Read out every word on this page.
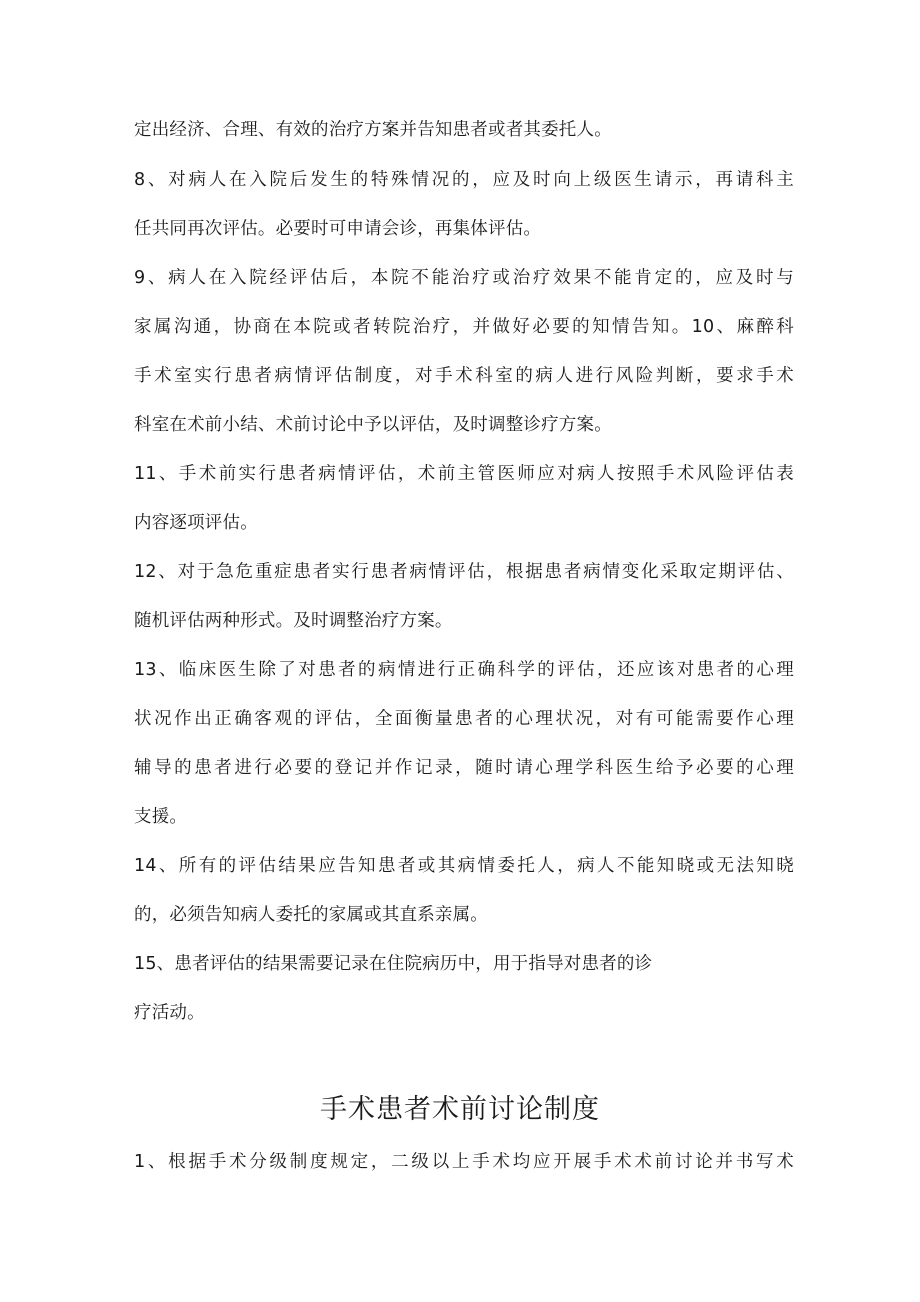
定出经济、合理、有效的治疗方案并告知患者或者其委托人。
8、对病人在入院后发生的特殊情况的，应及时向上级医生请示，再请科主
任共同再次评估。必要时可申请会诊，再集体评估。
9、病人在入院经评估后，本院不能治疗或治疗效果不能肯定的，应及时与
家属沟通，协商在本院或者转院治疗，并做好必要的知情告知。10、麻醉科
手术室实行患者病情评估制度，对手术科室的病人进行风险判断，要求手术
科室在术前小结、术前讨论中予以评估，及时调整诊疗方案。
11、手术前实行患者病情评估，术前主管医师应对病人按照手术风险评估表
内容逐项评估。
12、对于急危重症患者实行患者病情评估，根据患者病情变化采取定期评估、
随机评估两种形式。及时调整治疗方案。
13、临床医生除了对患者的病情进行正确科学的评估，还应该对患者的心理
状况作出正确客观的评估，全面衡量患者的心理状况，对有可能需要作心理
辅导的患者进行必要的登记并作记录，随时请心理学科医生给予必要的心理
支援。
14、所有的评估结果应告知患者或其病情委托人，病人不能知晓或无法知晓
的，必须告知病人委托的家属或其直系亲属。
15、患者评估的结果需要记录在住院病历中，用于指导对患者的诊
疗活动。
手术患者术前讨论制度
1、根据手术分级制度规定，二级以上手术均应开展手术术前讨论并书写术
